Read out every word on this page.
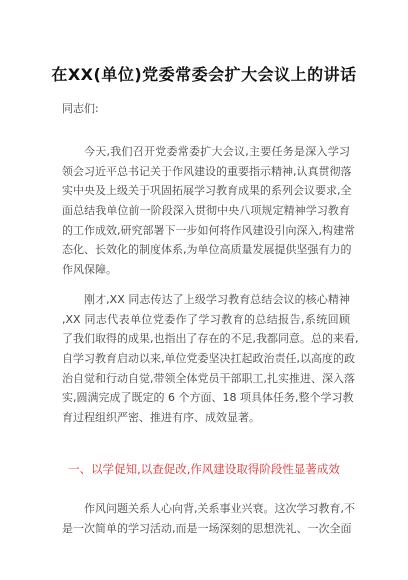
在XX(单位)党委常委会扩大会议上的讲话
同志们:
今天,我们召开党委常委扩大会议,主要任务是深入学习
领会习近平总书记关于作风建设的重要指示精神,认真贯彻落
实中央及上级关于巩固拓展学习教育成果的系列会议要求,全
面总结我单位前一阶段深入贯彻中央八项规定精神学习教育
的工作成效,研究部署下一步如何将作风建设引向深入,构建常
态化、长效化的制度体系,为单位高质量发展提供坚强有力的
作风保障。
刚才,XX 同志传达了上级学习教育总结会议的核心精神
,XX 同志代表单位党委作了学习教育的总结报告,系统回顾
了我们取得的成果,也指出了存在的不足,我都同意。总的来看,
自学习教育启动以来,单位党委坚决扛起政治责任,以高度的政
治自觉和行动自觉,带领全体党员干部职工,扎实推进、深入落
实,圆满完成了既定的 6 个方面、18 项具体任务,整个学习教
育过程组织严密、推进有序、成效显著。
一、以学促知,以查促改,作风建设取得阶段性显著成效
作风问题关系人心向背,关系事业兴衰。这次学习教育,不
是一次简单的学习活动,而是一场深刻的思想洗礼、一次全面
